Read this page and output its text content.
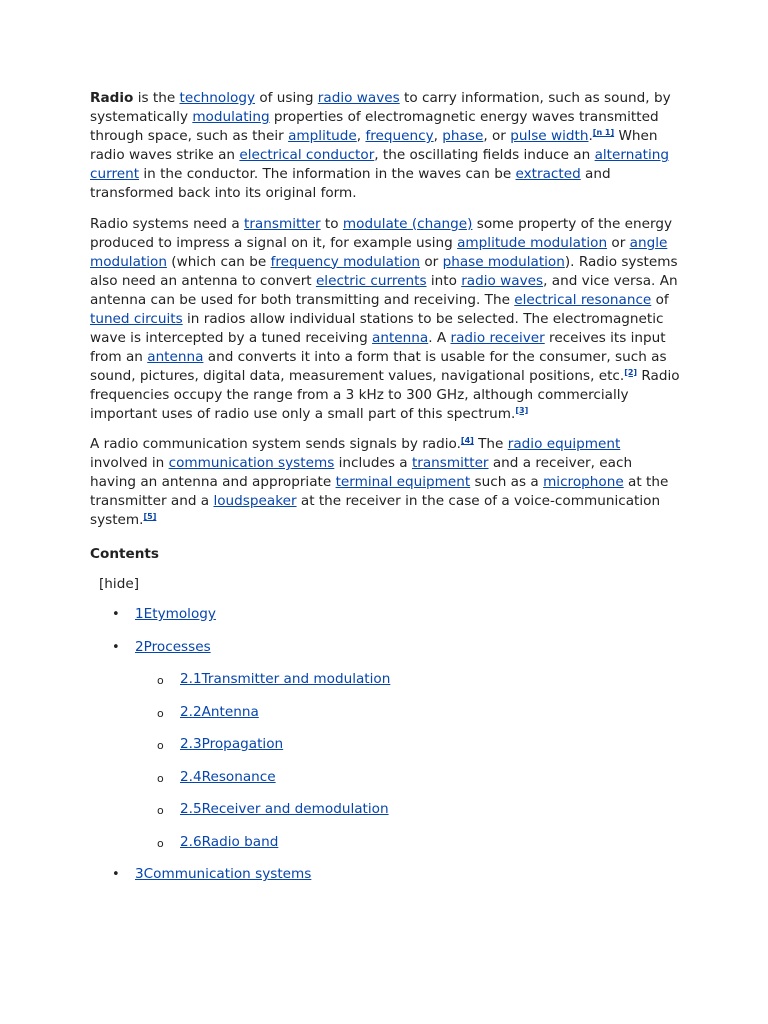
Radio is the technology of using radio waves to carry information, such as sound, by systematically modulating properties of electromagnetic energy waves transmitted through space, such as their amplitude, frequency, phase, or pulse width.[n 1] When radio waves strike an electrical conductor, the oscillating fields induce an alternating current in the conductor. The information in the waves can be extracted and transformed back into its original form.

Radio systems need a transmitter to modulate (change) some property of the energy produced to impress a signal on it, for example using amplitude modulation or angle modulation (which can be frequency modulation or phase modulation). Radio systems also need an antenna to convert electric currents into radio waves, and vice versa. An antenna can be used for both transmitting and receiving. The electrical resonance of tuned circuits in radios allow individual stations to be selected. The electromagnetic wave is intercepted by a tuned receiving antenna. A radio receiver receives its input from an antenna and converts it into a form that is usable for the consumer, such as sound, pictures, digital data, measurement values, navigational positions, etc.[2] Radio frequencies occupy the range from a 3 kHz to 300 GHz, although commercially important uses of radio use only a small part of this spectrum.[3]

A radio communication system sends signals by radio.[4] The radio equipment involved in communication systems includes a transmitter and a receiver, each having an antenna and appropriate terminal equipment such as a microphone at the transmitter and a loudspeaker at the receiver in the case of a voice-communication system.[5]

Contents
[hide]
• 1Etymology
• 2Processes
o 2.1Transmitter and modulation
o 2.2Antenna
o 2.3Propagation
o 2.4Resonance
o 2.5Receiver and demodulation
o 2.6Radio band
• 3Communication systems
